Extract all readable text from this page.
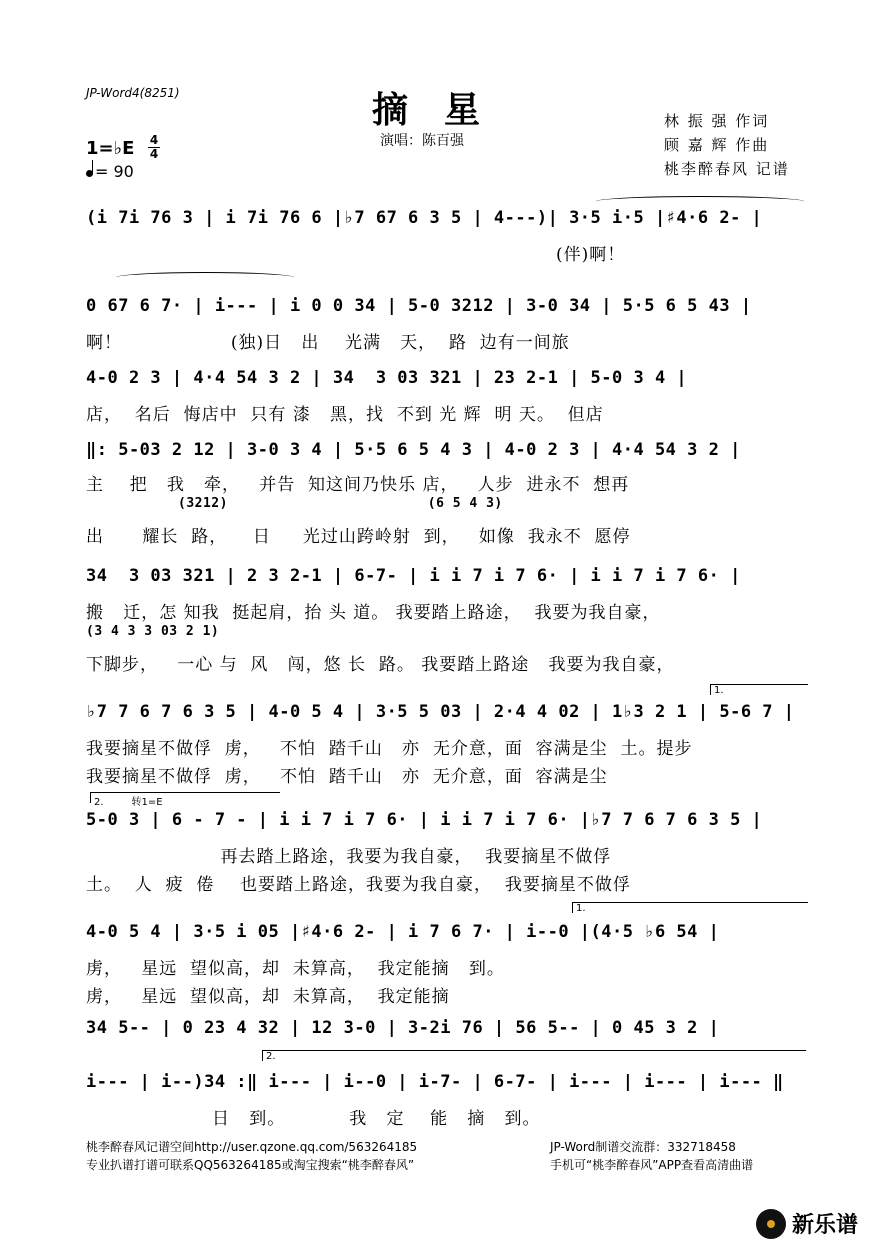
JP-Word4(8251)	摘星
演唱：陈百强
林 振 强 作词
顾 嘉 辉 作曲
桃李醉春风 记谱
1=♭E 4
4
= 90
(i 7i 76 3 | i 7i 76 6 |♭7 67 6 3 5 | 4---)| 3·5 i·5 |♯4·6 2- |
(伴)啊！
0 67 6 7· | i--- | i 0 0 34 | 5-0 3212 | 3-0 34 | 5·5 6 5 43 |
啊！                 (独)日   出    光满   天，  路  边有一间旅
4-0 2 3 | 4·4 54 3 2 | 34  3 03 321 | 23 2-1 | 5-0 3 4 |
店，  名后  悔店中  只有 漆   黑，找  不到 光 辉  明 天。  但店
‖: 5-03 2 12 | 3-0 3 4 | 5·5 6 5 4 3 | 4-0 2 3 | 4·4 54 3 2 |
主    把   我   牵，   并告  知这间乃快乐 店，   人步  进永不  想再
(3212)                        (6 5 4 3)
出      耀长  路，    日     光过山跨岭射  到，   如像  我永不  愿停
34  3 03 321 | 2 3 2-1 | 6-7- | i i 7 i 7 6· | i i 7 i 7 6· |
搬   迁，怎 知我  挺起肩，抬 头 道。 我要踏上路途，  我要为我自豪，
(3 4 3 3 03 2 1)
下脚步，   一心 与  风   闯，悠 长  路。 我要踏上路途   我要为我自豪，
1.
♭7 7 6 7 6 3 5 | 4-0 5 4 | 3·5 5 03 | 2·4 4 02 | 1♭3 2 1 | 5-6 7 |
我要摘星不做俘  虏，   不怕  踏千山   亦  无介意，面  容满是尘  土。提步
我要摘星不做俘  虏，   不怕  踏千山   亦  无介意，面  容满是尘
2.	转1=E
5-0 3 | 6 - 7 - | i i 7 i 7 6· | i i 7 i 7 6· |♭7 7 6 7 6 3 5 |
再去踏上路途，我要为我自豪，  我要摘星不做俘
土。  人  疲  倦    也要踏上路途，我要为我自豪，  我要摘星不做俘
1.
4-0 5 4 | 3·5 i 05 |♯4·6 2- | i 7 6 7· | i--0 |(4·5 ♭6 54 |
虏，   星远  望似高，却  未算高，  我定能摘   到。
虏，   星远  望似高，却  未算高，  我定能摘
34 5-- | 0 23 4 32 | 12 3-0 | 3-2i 76 | 56 5-- | 0 45 3 2 |
2.
i--- | i--)34 :‖ i--- | i--0 | i-7- | 6-7- | i--- | i--- | i--- ‖
日   到。          我   定    能   摘   到。
桃李醉春风记谱空间http://user.qzone.qq.com/563264185
专业扒谱打谱可联系QQ563264185或淘宝搜索“桃李醉春风”
JP-Word制谱交流群：332718458
手机可“桃李醉春风”APP查看高清曲谱
新乐谱
